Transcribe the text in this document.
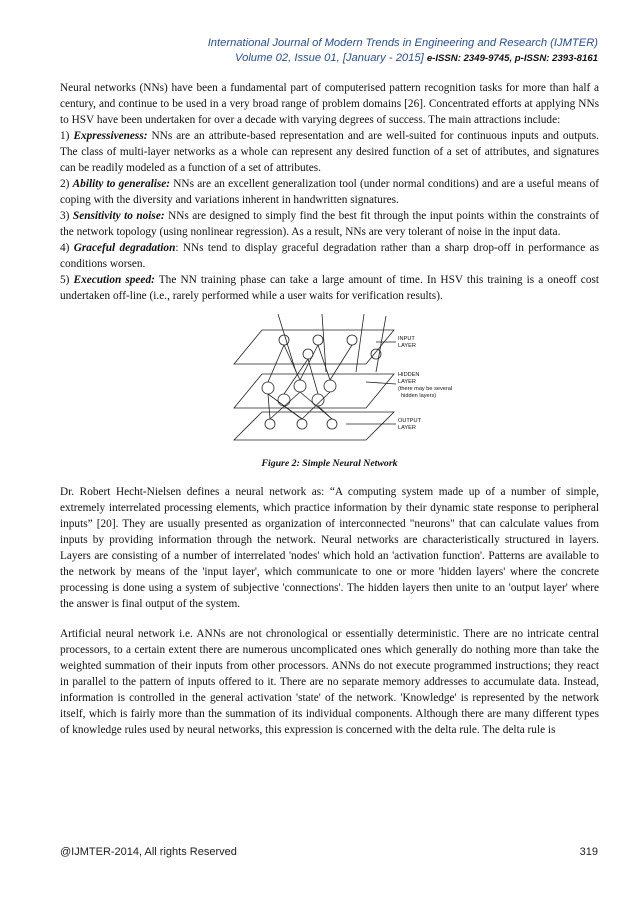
International Journal of Modern Trends in Engineering and Research (IJMTER)
Volume 02, Issue 01, [January - 2015] e-ISSN: 2349-9745, p-ISSN: 2393-8161

Neural networks (NNs) have been a fundamental part of computerised pattern recognition tasks for more than half a century, and continue to be used in a very broad range of problem domains [26]. Concentrated efforts at applying NNs to HSV have been undertaken for over a decade with varying degrees of success. The main attractions include:

1) Expressiveness: NNs are an attribute-based representation and are well-suited for continuous inputs and outputs. The class of multi-layer networks as a whole can represent any desired function of a set of attributes, and signatures can be readily modeled as a function of a set of attributes.

2) Ability to generalise: NNs are an excellent generalization tool (under normal conditions) and are a useful means of coping with the diversity and variations inherent in handwritten signatures.

3) Sensitivity to noise: NNs are designed to simply find the best fit through the input points within the constraints of the network topology (using nonlinear regression). As a result, NNs are very tolerant of noise in the input data.

4) Graceful degradation: NNs tend to display graceful degradation rather than a sharp drop-off in performance as conditions worsen.

5) Execution speed: The NN training phase can take a large amount of time. In HSV this training is a oneoff cost undertaken off-line (i.e., rarely performed while a user waits for verification results).

INPUT
LAYER
HIDDEN
LAYER
(there may be several
hidden layers)
OUTPUT
LAYER
Figure 2: Simple Neural Network

Dr. Robert Hecht-Nielsen defines a neural network as: “A computing system made up of a number of simple, extremely interrelated processing elements, which practice information by their dynamic state response to peripheral inputs” [20]. They are usually presented as organization of interconnected "neurons" that can calculate values from inputs by providing information through the network. Neural networks are characteristically structured in layers. Layers are consisting of a number of interrelated 'nodes' which hold an 'activation function'. Patterns are available to the network by means of the 'input layer', which communicate to one or more 'hidden layers' where the concrete processing is done using a system of subjective 'connections'. The hidden layers then unite to an 'output layer' where the answer is final output of the system.

Artificial neural network i.e. ANNs are not chronological or essentially deterministic. There are no intricate central processors, to a certain extent there are numerous uncomplicated ones which generally do nothing more than take the weighted summation of their inputs from other processors. ANNs do not execute programmed instructions; they react in parallel to the pattern of inputs offered to it. There are no separate memory addresses to accumulate data. Instead, information is controlled in the general activation 'state' of the network. 'Knowledge' is represented by the network itself, which is fairly more than the summation of its individual components. Although there are many different types of knowledge rules used by neural networks, this expression is concerned with the delta rule. The delta rule is

@IJMTER-2014, All rights Reserved	319
